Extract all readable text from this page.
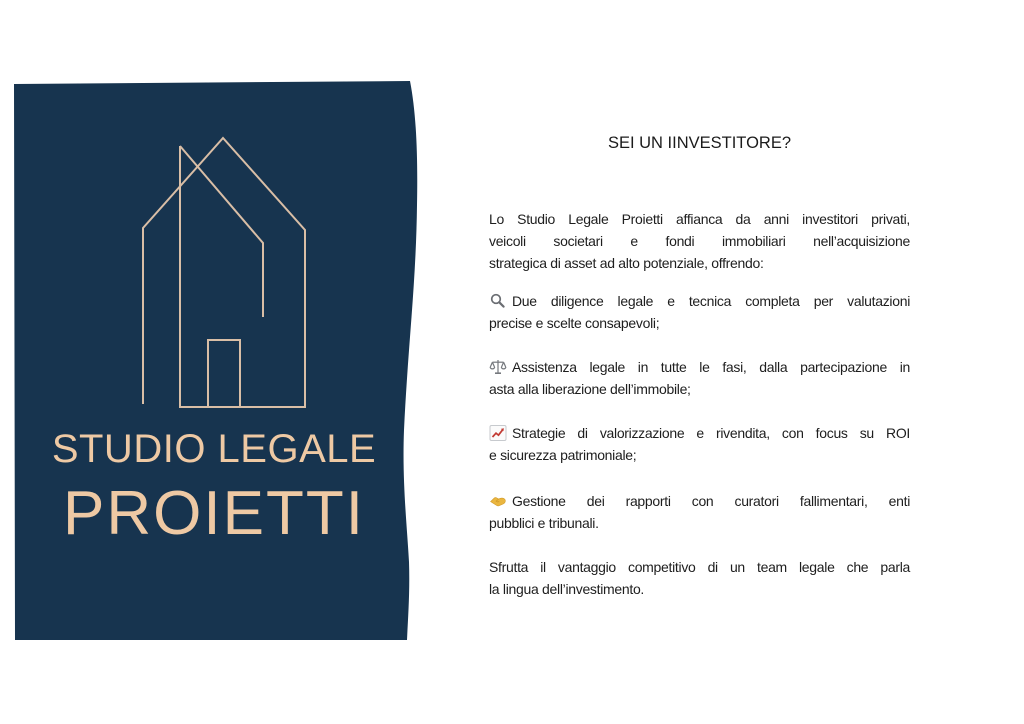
STUDIO LEGALE
PROIETTI
SEI UN IINVESTITORE?
Lo Studio Legale Proietti affianca da anni investitori privati,
veicoli societari e fondi immobiliari nell’acquisizione
strategica di asset ad alto potenziale, offrendo:
Due diligence legale e tecnica completa per valutazioni
precise e scelte consapevoli;
Assistenza legale in tutte le fasi, dalla partecipazione in
asta alla liberazione dell’immobile;
Strategie di valorizzazione e rivendita, con focus su ROI
e sicurezza patrimoniale;
Gestione dei rapporti con curatori fallimentari, enti
pubblici e tribunali.
Sfrutta il vantaggio competitivo di un team legale che parla
la lingua dell’investimento.
